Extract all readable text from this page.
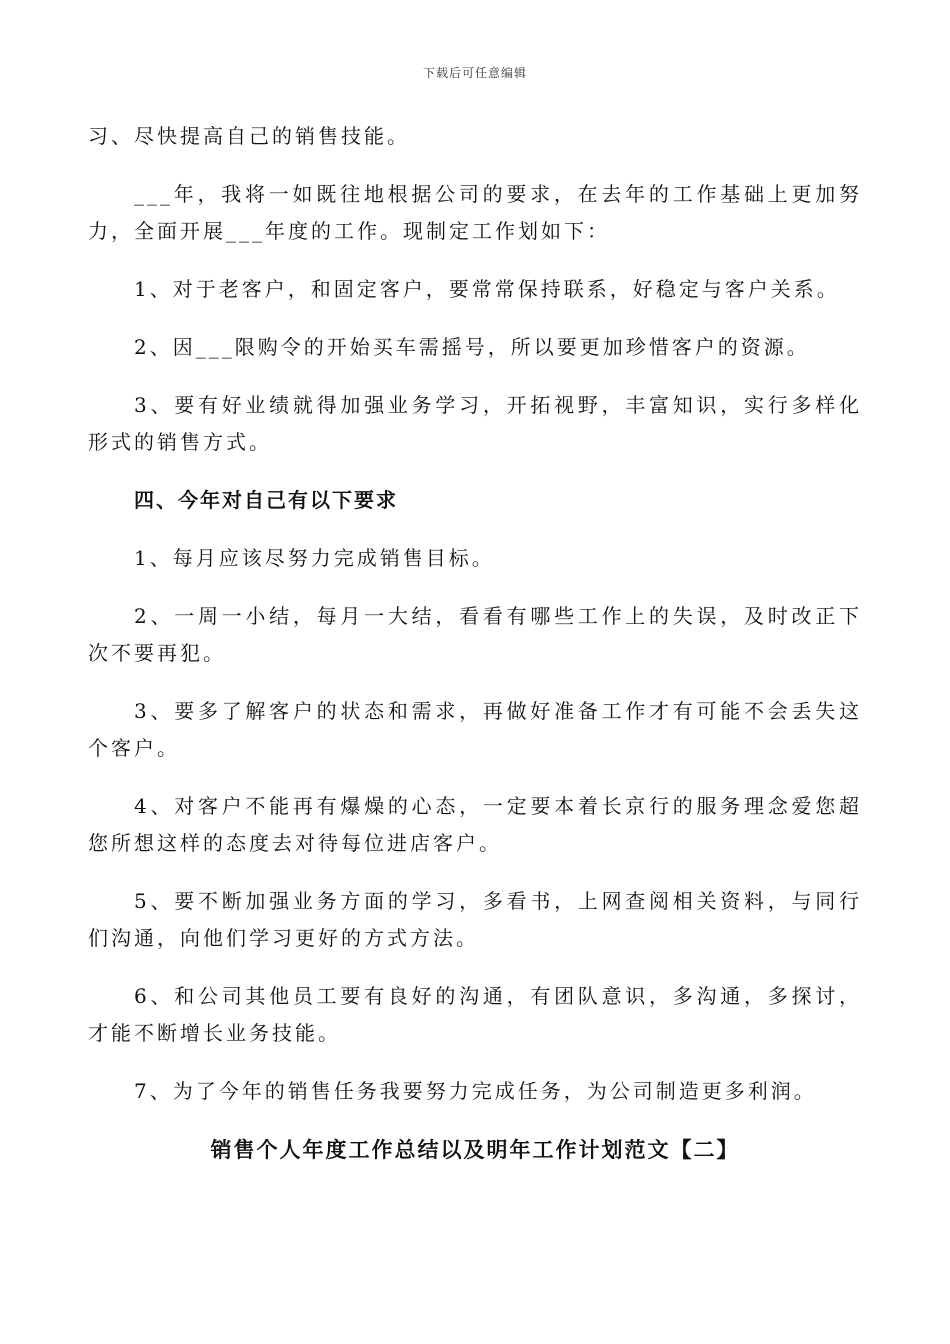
下载后可任意编辑

习、尽快提高自己的销售技能。

___年，我将一如既往地根据公司的要求，在去年的工作基础上更加努力，全面开展___年度的工作。现制定工作划如下：

1、对于老客户，和固定客户，要常常保持联系，好稳定与客户关系。

2、因___限购令的开始买车需摇号，所以要更加珍惜客户的资源。

3、要有好业绩就得加强业务学习，开拓视野，丰富知识，实行多样化形式的销售方式。

四、今年对自己有以下要求

1、每月应该尽努力完成销售目标。

2、一周一小结，每月一大结，看看有哪些工作上的失误，及时改正下次不要再犯。

3、要多了解客户的状态和需求，再做好准备工作才有可能不会丢失这个客户。

4、对客户不能再有爆燥的心态，一定要本着长京行的服务理念爱您超您所想这样的态度去对待每位进店客户。

5、要不断加强业务方面的学习，多看书，上网查阅相关资料，与同行们沟通，向他们学习更好的方式方法。

6、和公司其他员工要有良好的沟通，有团队意识，多沟通，多探讨，才能不断增长业务技能。

7、为了今年的销售任务我要努力完成任务，为公司制造更多利润。

销售个人年度工作总结以及明年工作计划范文【二】
